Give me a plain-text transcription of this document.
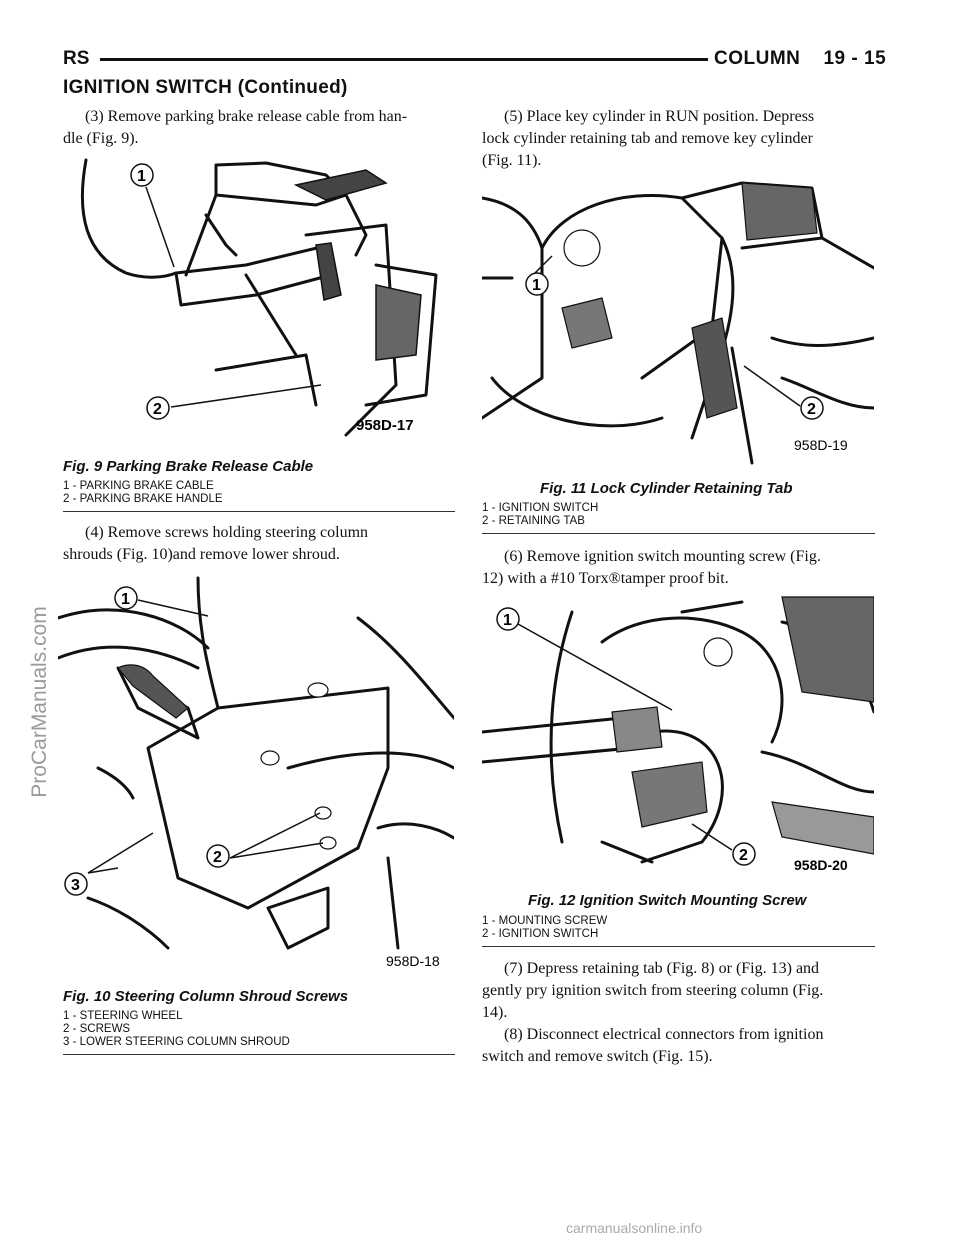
RS	COLUMN    19 - 15
IGNITION SWITCH (Continued)
ProCarManuals.com

(3) Remove parking brake release cable from han-

dle (Fig. 9).

1
2
958D-17
Fig. 9 Parking Brake Release Cable
1 - PARKING BRAKE CABLE
2 - PARKING BRAKE HANDLE

(4) Remove screws holding steering column

shrouds (Fig. 10)and remove lower shroud.

1
2
3
958D-18
Fig. 10 Steering Column Shroud Screws
1 - STEERING WHEEL
2 - SCREWS
3 - LOWER STEERING COLUMN SHROUD

(5) Place key cylinder in RUN position. Depress

lock cylinder retaining tab and remove key cylinder

(Fig. 11).

1
2
958D-19
Fig. 11 Lock Cylinder Retaining Tab
1 - IGNITION SWITCH
2 - RETAINING TAB

(6) Remove ignition switch mounting screw (Fig.

12) with a #10 Torx®tamper proof bit.

1
2
958D-20
Fig. 12 Ignition Switch Mounting Screw
1 - MOUNTING SCREW
2 - IGNITION SWITCH

(7) Depress retaining tab (Fig. 8) or (Fig. 13) and

gently pry ignition switch from steering column (Fig.

14).

(8) Disconnect electrical connectors from ignition

switch and remove switch (Fig. 15).

carmanualsonline.info
